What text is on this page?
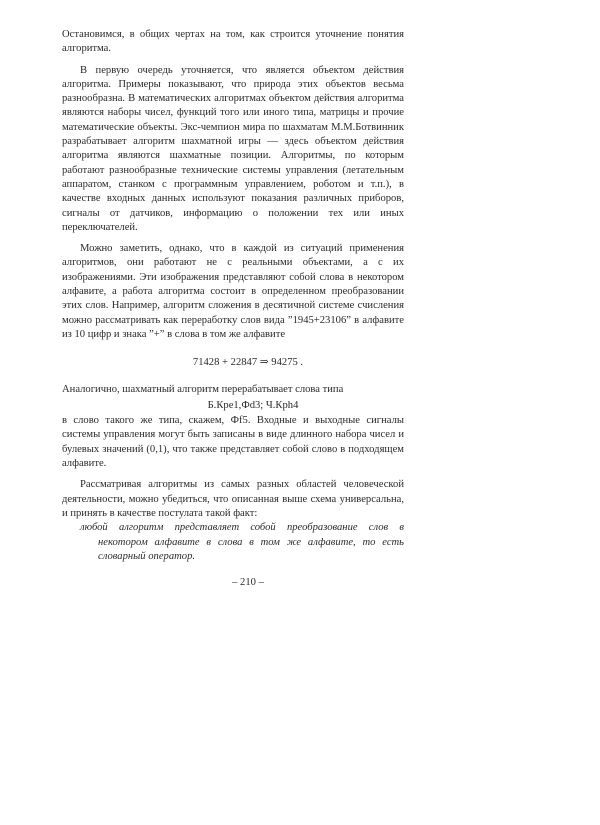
Остановимся, в общих чертах на том, как строится уточнение понятия алгоритма.

В первую очередь уточняется, что является объектом действия алгоритма. Примеры показывают, что природа этих объектов весьма разнообразна. В математических алгоритмах объектом действия алгоритма являются наборы чисел, функций того или иного типа, матрицы и прочие математические объекты. Экс-чемпион мира по шахматам М.М.Ботвинник разрабатывает алгоритм шахматной игры — здесь объектом действия алгоритма являются шахматные позиции. Алгоритмы, по которым работают разнообразные технические системы управления (летательным аппаратом, станком с программным управлением, роботом и т.п.), в качестве входных данных используют показания различных приборов, сигналы от датчиков, информацию о положении тех или иных переключателей.

Можно заметить, однако, что в каждой из ситуаций применения алгоритмов, они работают не с реальными объектами, а с их изображениями. Эти изображения представляют собой слова в некотором алфавите, а работа алгоритма состоит в определенном преобразовании этих слов. Например, алгоритм сложения в десятичной системе счисления можно рассматривать как переработку слов вида ”1945+23106” в алфавите из 10 цифр и знака ”+” в слова в том же алфавите

71428 + 22847 ⇒ 94275 .

Аналогично, шахматный алгоритм перерабатывает слова типа

Б.Кре1,Фd3; Ч.Кph4

в слово такого же типа, скажем, Фf5. Входные и выходные сигналы системы управления могут быть записаны в виде длинного набора чисел и булевых значений (0,1), что также представляет собой слово в подходящем алфавите.

Рассматривая алгоритмы из самых разных областей человеческой деятельности, можно убедиться, что описанная выше схема универсальна, и принять в качестве постулата такой факт:

любой алгоритм представляет собой преобразование слов в некотором алфавите в слова в том же алфавите, то есть словарный оператор.

– 210 –
